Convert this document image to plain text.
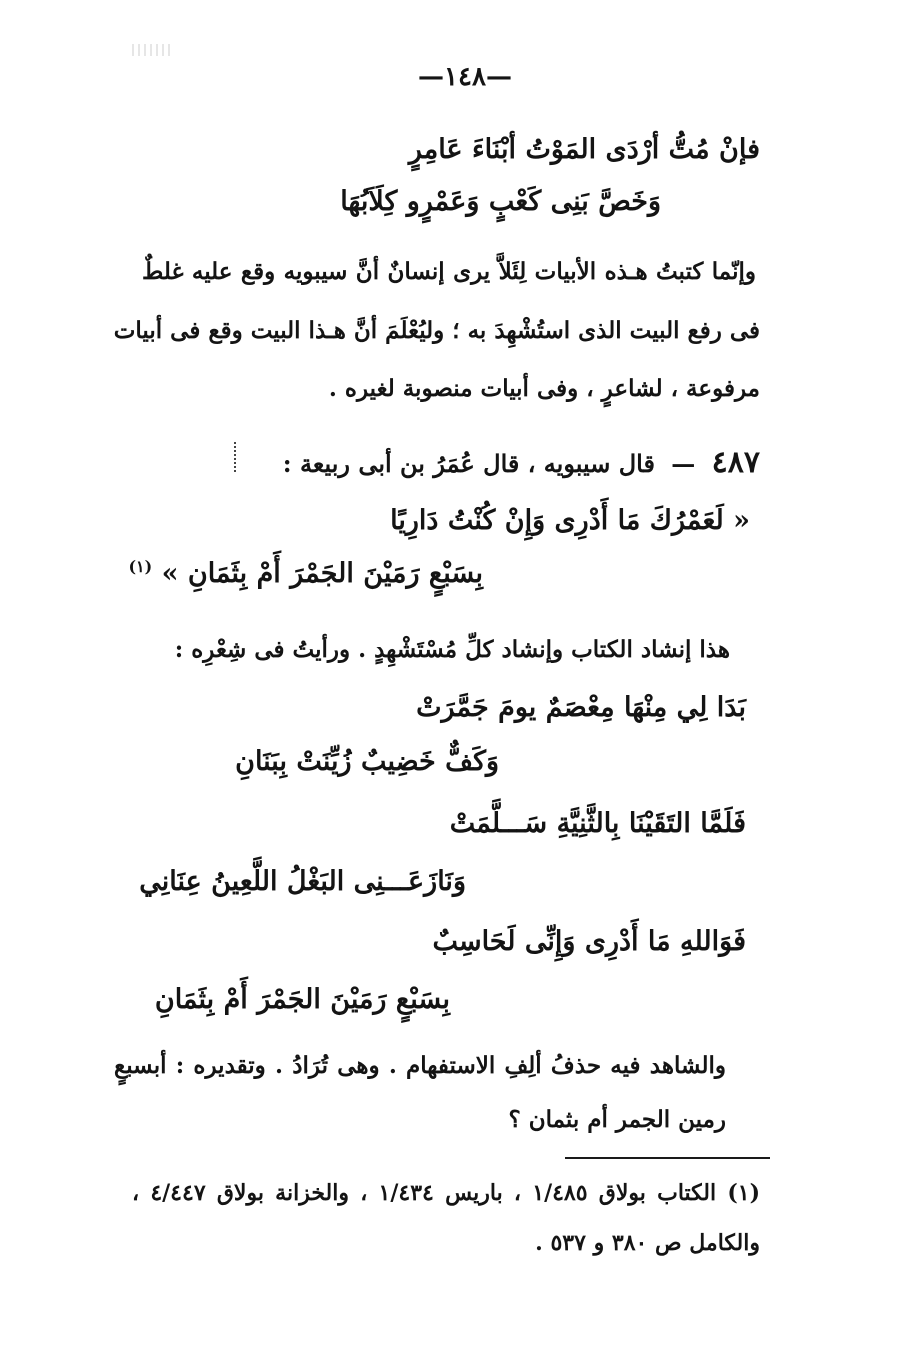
—١٤٨—
فإنْ مُتُّ أرْدَى المَوْتُ أبْنَاءَ عَامِرٍ
وَخَصَّ بَنِى كَعْبٍ وَعَمْرٍو كِلَاَبُهَا
وإنّما كتبتُ هـذه الأبيات لِئَلاَّ يرى إنسانٌ أنَّ سيبويه وقع عليه غلطٌ
فى رفع البيت الذى استُشْهِدَ به ؛ وليُعْلَمَ أنَّ هـذا البيت وقع فى أبيات
مرفوعة ، لشاعرٍ ، وفى أبيات منصوبة لغيره .
٤٨٧ — قال سيبويه ، قال عُمَرُ بن أبى ربيعة :
« لَعَمْرُكَ مَا أَدْرِى وَإِنْ كُنْتُ دَارِيًا
بِسَبْعٍ رَمَيْنَ الجَمْرَ أَمْ بِثَمَانِ » $^{(١)}$
هذا إنشاد الكتاب وإنشاد كلِّ مُسْتَشْهِدٍ . ورأيتُ فى شِعْرِه :
بَدَا لِي مِنْهَا مِعْصَمٌ يومَ جَمَّرَتْ
وَكَفٌّ خَضِيبٌ زُيِّنَتْ بِبَنَانِ
فَلَمَّا التَقَيْنَا بِالثَّنِيَّةِ سَـــلَّمَتْ
وَنَازَعَـــنِى البَغْلُ اللَّعِينُ عِنَانِي
فَوَاللهِ مَا أَدْرِى وَإِنِّى لَحَاسِبٌ
بِسَبْعٍ رَمَيْنَ الجَمْرَ أَمْ بِثَمَانِ
والشاهد فيه حذفُ ألِفِ الاستفهام . وهى تُرَادُ . وتقديره : أبسبعٍ
رمين الجمر أم بثمان ؟
(١) الكتاب بولاق ١/٤٨٥ ، باريس ١/٤٣٤ ، والخزانة بولاق ٤/٤٤٧ ،
والكامل ص ٣٨٠ و ٥٣٧ .
